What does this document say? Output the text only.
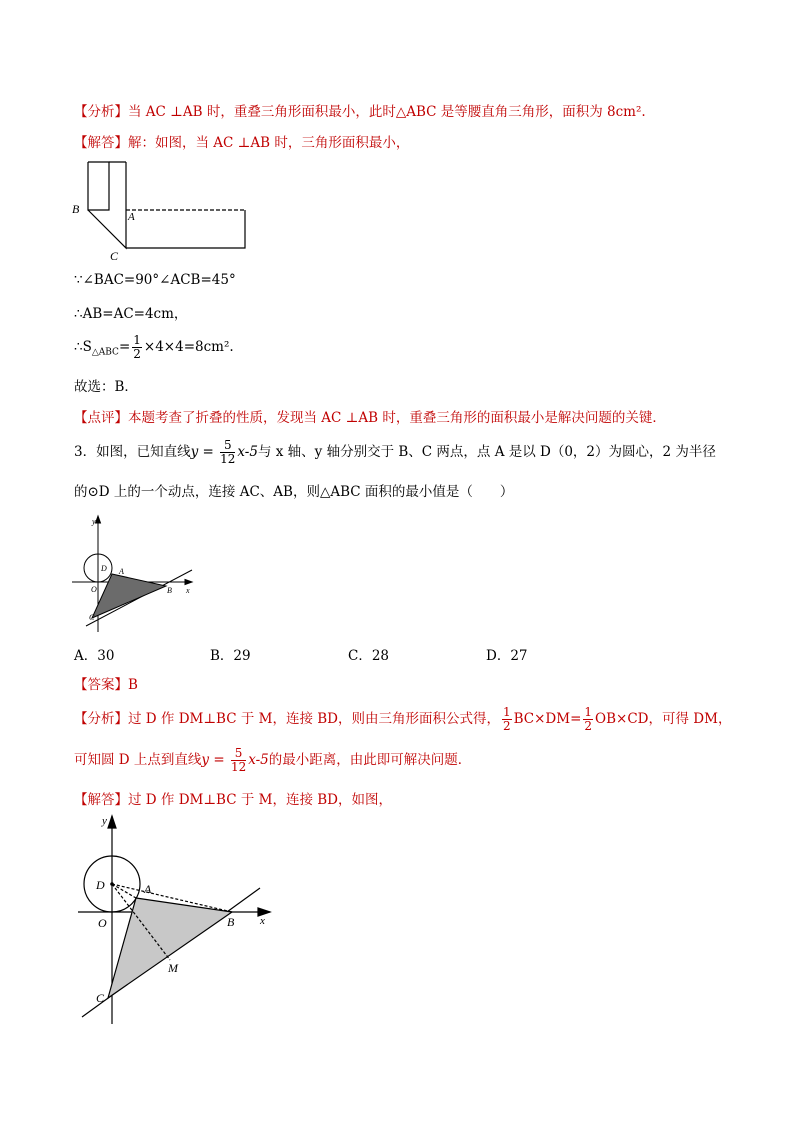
【分析】当 AC ⊥AB 时，重叠三角形面积最小，此时△ABC 是等腰直角三角形，面积为 8cm².
【解答】解：如图，当 AC ⊥AB 时，三角形面积最小，
B
A
C
∵∠BAC=90°∠ACB=45°
∴AB=AC=4cm，
$\therefore S_{\triangle ABC}= \frac{1}{2} \times 4\times 4=8cm^2$.
故选：B．
【点评】本题考查了折叠的性质，发现当 AC ⊥AB 时，重叠三角形的面积最小是解决问题的关键．
3．如图，已知直线$y = \frac{5}{12} x-5$与 x 轴、y 轴分别交于 B、C 两点，点 A 是以 D（0，2）为圆心，2 为半径
的⊙D 上的一个动点，连接 AC、AB，则△ABC 面积的最小值是（　　）
y
x
D A
O	B
C
A．30	B．29	C．28	D．27
【答案】B
【分析】过 D 作 DM⊥BC 于 M，连接 BD，则由三角形面积公式得， $\frac{1}{2} BC\times DM= \frac{1}{2} OB\times CD$，可得 DM，
可知圆 D 上点到直线$y = \frac{5}{12} x-5$的最小距离，由此即可解决问题．
【解答】过 D 作 DM⊥BC 于 M，连接 BD，如图，
y
x
D	A
O	B
M
C
